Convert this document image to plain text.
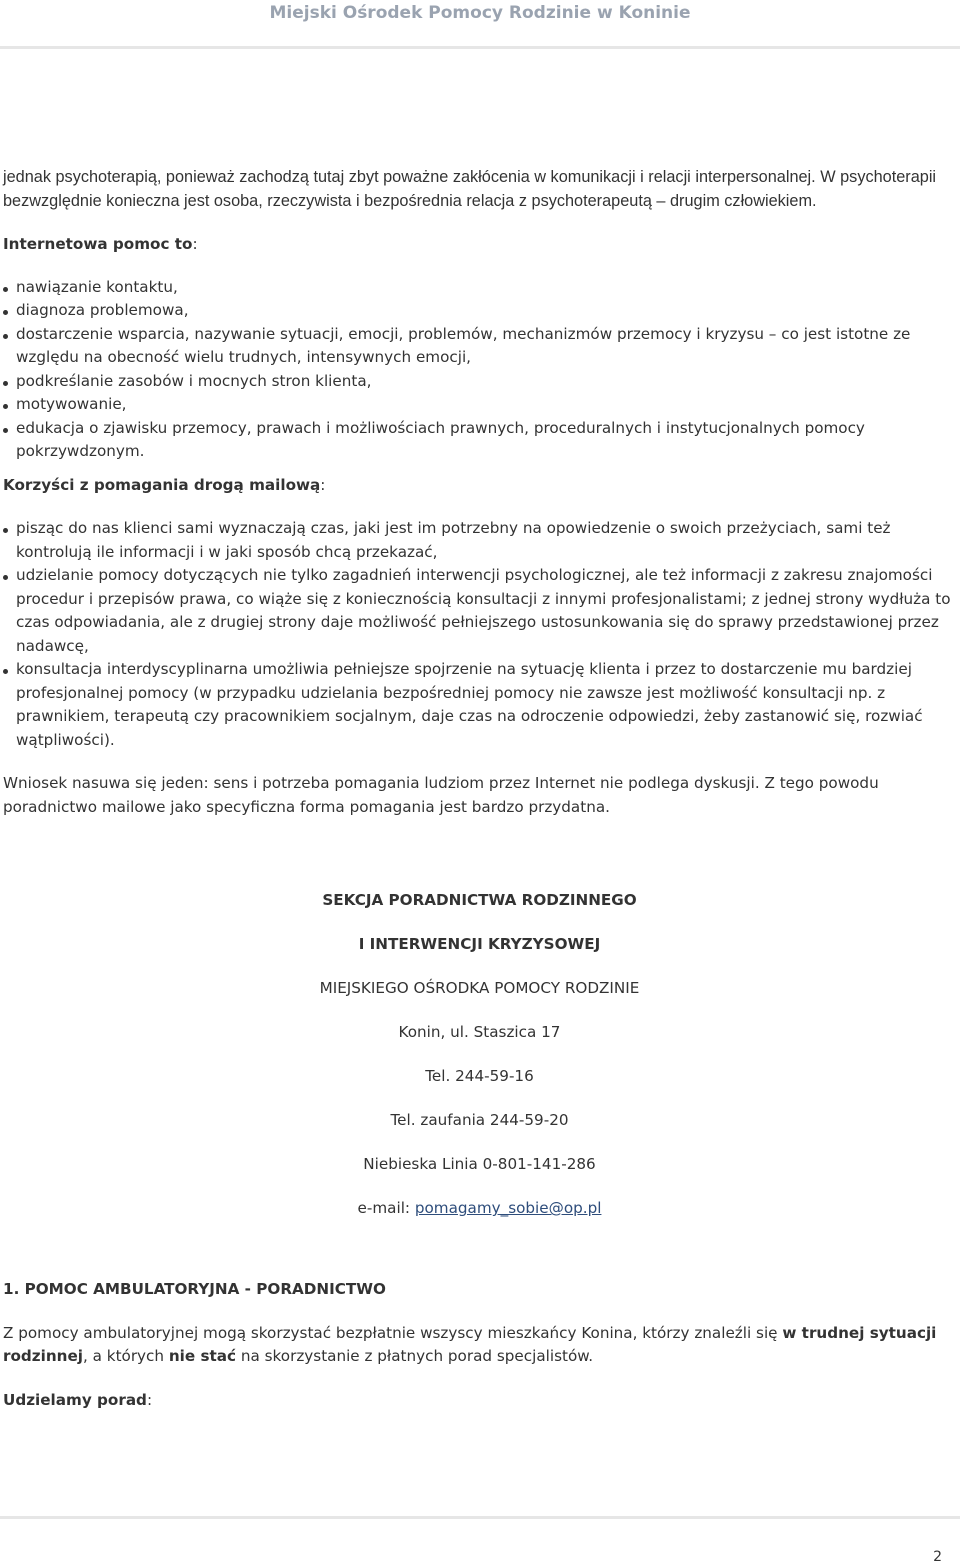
Miejski Ośrodek Pomocy Rodzinie w Koninie

jednak psychoterapią, ponieważ zachodzą tutaj zbyt poważne zakłócenia w komunikacji i relacji interpersonalnej. W psychoterapii bezwzględnie konieczna jest osoba, rzeczywista i bezpośrednia relacja z psychoterapeutą – drugim człowiekiem.

Internetowa pomoc to:

nawiązanie kontaktu,
diagnoza problemowa,
dostarczenie wsparcia, nazywanie sytuacji, emocji, problemów, mechanizmów przemocy i kryzysu – co jest istotne ze względu na obecność wielu trudnych, intensywnych emocji,
podkreślanie zasobów i mocnych stron klienta,
motywowanie,
edukacja o zjawisku przemocy, prawach i możliwościach prawnych, proceduralnych i instytucjonalnych pomocy pokrzywdzonym.

Korzyści z pomagania drogą mailową:

pisząc do nas klienci sami wyznaczają czas, jaki jest im potrzebny na opowiedzenie o swoich przeżyciach, sami też kontrolują ile informacji i w jaki sposób chcą przekazać,
udzielanie pomocy dotyczących nie tylko zagadnień interwencji psychologicznej, ale też informacji z zakresu znajomości procedur i przepisów prawa, co wiąże się z koniecznością konsultacji z innymi profesjonalistami; z jednej strony wydłuża to czas odpowiadania, ale z drugiej strony daje możliwość pełniejszego ustosunkowania się do sprawy przedstawionej przez nadawcę,
konsultacja interdyscyplinarna umożliwia pełniejsze spojrzenie na sytuację klienta i przez to dostarczenie mu bardziej profesjonalnej pomocy (w przypadku udzielania bezpośredniej pomocy nie zawsze jest możliwość konsultacji np. z prawnikiem, terapeutą czy pracownikiem socjalnym, daje czas na odroczenie odpowiedzi, żeby zastanowić się, rozwiać wątpliwości).

Wniosek nasuwa się jeden: sens i potrzeba pomagania ludziom przez Internet nie podlega dyskusji. Z tego powodu poradnictwo mailowe jako specyficzna forma pomagania jest bardzo przydatna.

SEKCJA PORADNICTWA RODZINNEGO

I INTERWENCJI KRYZYSOWEJ

MIEJSKIEGO OŚRODKA POMOCY RODZINIE

Konin, ul. Staszica 17

Tel. 244-59-16

Tel. zaufania 244-59-20

Niebieska Linia 0-801-141-286

e-mail: pomagamy_sobie@op.pl

1. POMOC AMBULATORYJNA - PORADNICTWO

Z pomocy ambulatoryjnej mogą skorzystać bezpłatnie wszyscy mieszkańcy Konina, którzy znaleźli się w trudnej sytuacji rodzinnej, a których nie stać na skorzystanie z płatnych porad specjalistów.

Udzielamy porad:

2
